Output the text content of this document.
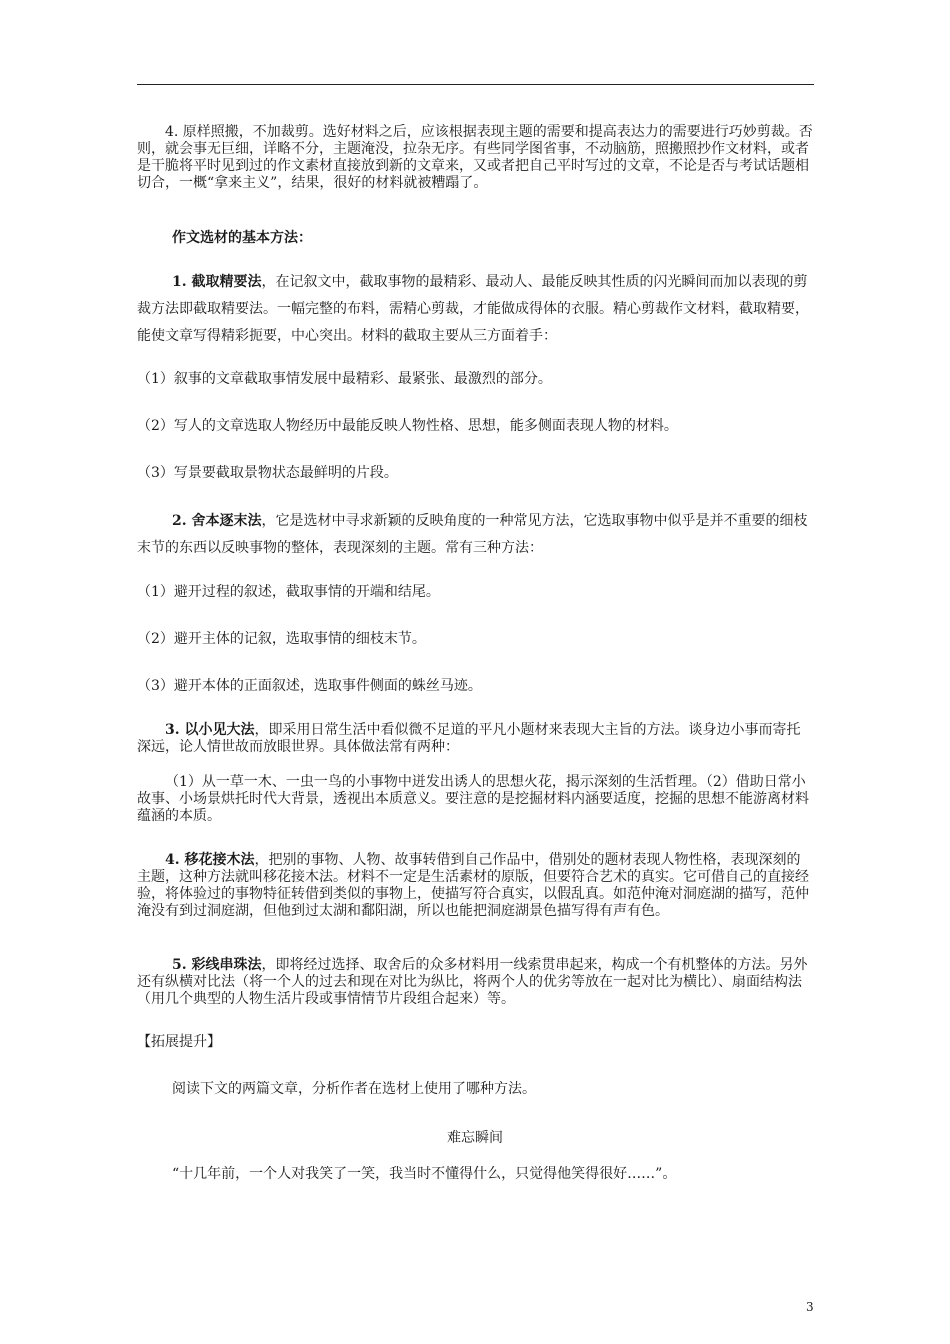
4. 原样照搬，不加裁剪。选好材料之后，应该根据表现主题的需要和提高表达力的需要进行巧妙剪裁。否则，就会事无巨细，详略不分，主题淹没，拉杂无序。有些同学图省事，不动脑筋，照搬照抄作文材料，或者是干脆将平时见到过的作文素材直接放到新的文章来，又或者把自己平时写过的文章，不论是否与考试话题相切合，一概“拿来主义”，结果，很好的材料就被糟蹋了。
作文选材的基本方法：
1. 截取精要法，在记叙文中，截取事物的最精彩、最动人、最能反映其性质的闪光瞬间而加以表现的剪裁方法即截取精要法。一幅完整的布料，需精心剪裁，才能做成得体的衣服。精心剪裁作文材料，截取精要，能使文章写得精彩扼要，中心突出。材料的截取主要从三方面着手：
（1）叙事的文章截取事情发展中最精彩、最紧张、最激烈的部分。
（2）写人的文章选取人物经历中最能反映人物性格、思想，能多侧面表现人物的材料。
（3）写景要截取景物状态最鲜明的片段。
2. 舍本逐末法，它是选材中寻求新颖的反映角度的一种常见方法，它选取事物中似乎是并不重要的细枝末节的东西以反映事物的整体，表现深刻的主题。常有三种方法：
（1）避开过程的叙述，截取事情的开端和结尾。
（2）避开主体的记叙，选取事情的细枝末节。
（3）避开本体的正面叙述，选取事件侧面的蛛丝马迹。
3. 以小见大法，即采用日常生活中看似微不足道的平凡小题材来表现大主旨的方法。谈身边小事而寄托深远，论人情世故而放眼世界。具体做法常有两种：
（1）从一草一木、一虫一鸟的小事物中迸发出诱人的思想火花，揭示深刻的生活哲理。（2）借助日常小故事、小场景烘托时代大背景，透视出本质意义。要注意的是挖掘材料内涵要适度，挖掘的思想不能游离材料蕴涵的本质。
4. 移花接木法，把别的事物、人物、故事转借到自己作品中，借别处的题材表现人物性格，表现深刻的主题，这种方法就叫移花接木法。材料不一定是生活素材的原版，但要符合艺术的真实。它可借自己的直接经验，将体验过的事物特征转借到类似的事物上，使描写符合真实，以假乱真。如范仲淹对洞庭湖的描写，范仲淹没有到过洞庭湖，但他到过太湖和鄱阳湖，所以也能把洞庭湖景色描写得有声有色。
5. 彩线串珠法，即将经过选择、取舍后的众多材料用一线索贯串起来，构成一个有机整体的方法。另外还有纵横对比法（将一个人的过去和现在对比为纵比，将两个人的优劣等放在一起对比为横比）、扇面结构法（用几个典型的人物生活片段或事情情节片段组合起来）等。
【拓展提升】
阅读下文的两篇文章，分析作者在选材上使用了哪种方法。
难忘瞬间
“十几年前，一个人对我笑了一笑，我当时不懂得什么，只觉得他笑得很好……”。
3
